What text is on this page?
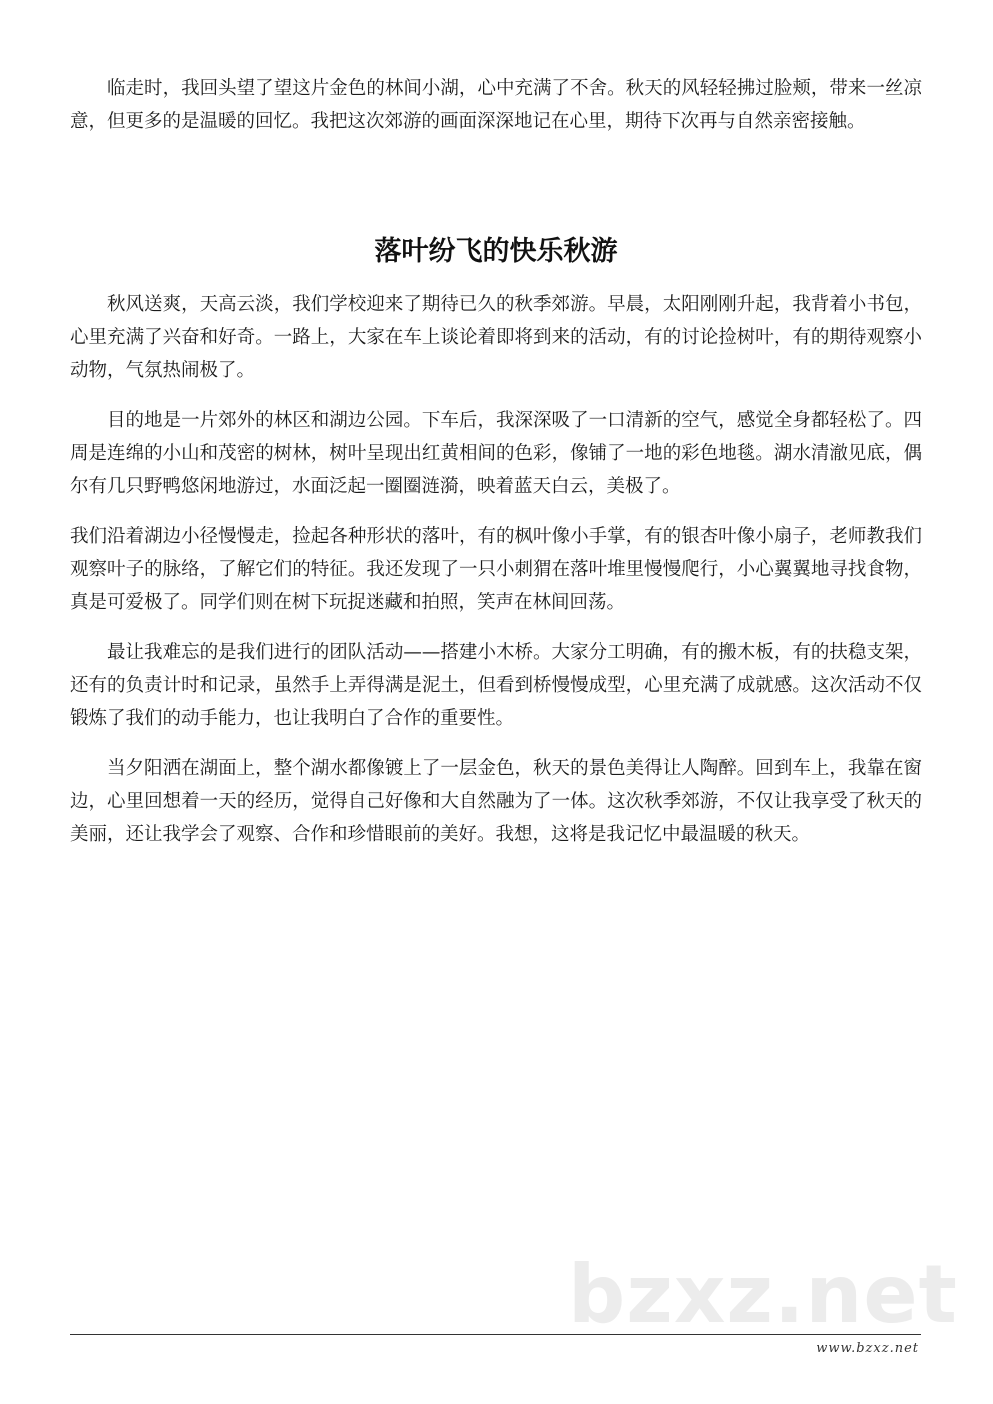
临走时，我回头望了望这片金色的林间小湖，心中充满了不舍。秋天的风轻轻拂过脸颊，带来一丝凉意，但更多的是温暖的回忆。我把这次郊游的画面深深地记在心里，期待下次再与自然亲密接触。

落叶纷飞的快乐秋游

秋风送爽，天高云淡，我们学校迎来了期待已久的秋季郊游。早晨，太阳刚刚升起，我背着小书包，心里充满了兴奋和好奇。一路上，大家在车上谈论着即将到来的活动，有的讨论捡树叶，有的期待观察小动物，气氛热闹极了。

目的地是一片郊外的林区和湖边公园。下车后，我深深吸了一口清新的空气，感觉全身都轻松了。四周是连绵的小山和茂密的树林，树叶呈现出红黄相间的色彩，像铺了一地的彩色地毯。湖水清澈见底，偶尔有几只野鸭悠闲地游过，水面泛起一圈圈涟漪，映着蓝天白云，美极了。

我们沿着湖边小径慢慢走，捡起各种形状的落叶，有的枫叶像小手掌，有的银杏叶像小扇子，老师教我们观察叶子的脉络，了解它们的特征。我还发现了一只小刺猬在落叶堆里慢慢爬行，小心翼翼地寻找食物，真是可爱极了。同学们则在树下玩捉迷藏和拍照，笑声在林间回荡。

最让我难忘的是我们进行的团队活动——搭建小木桥。大家分工明确，有的搬木板，有的扶稳支架，还有的负责计时和记录，虽然手上弄得满是泥土，但看到桥慢慢成型，心里充满了成就感。这次活动不仅锻炼了我们的动手能力，也让我明白了合作的重要性。

当夕阳洒在湖面上，整个湖水都像镀上了一层金色，秋天的景色美得让人陶醉。回到车上，我靠在窗边，心里回想着一天的经历，觉得自己好像和大自然融为了一体。这次秋季郊游，不仅让我享受了秋天的美丽，还让我学会了观察、合作和珍惜眼前的美好。我想，这将是我记忆中最温暖的秋天。

bzxz.net
www.bzxz.net
